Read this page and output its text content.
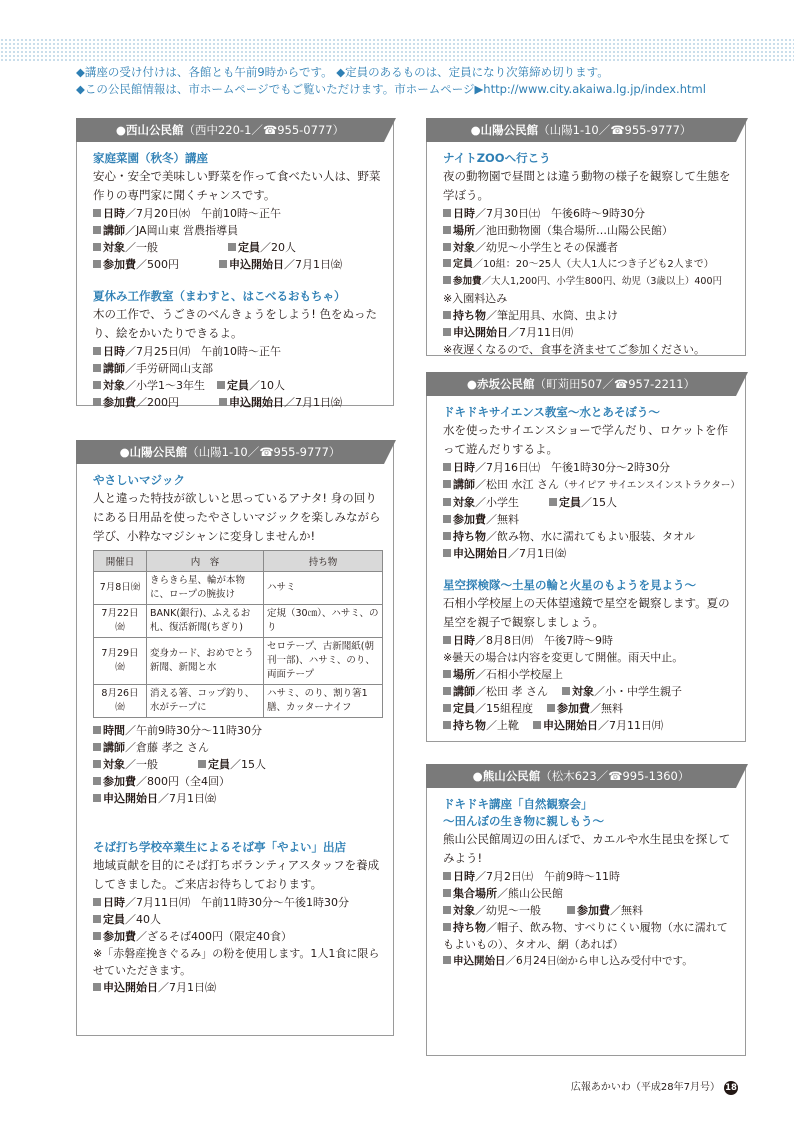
◆講座の受け付けは、各館とも午前9時からです。 ◆定員のあるものは、定員になり次第締め切ります。
◆この公民館情報は、市ホームページでもご覧いただけます。市ホームページ▶http://www.city.akaiwa.lg.jp/index.html
●西山公民館（西中220-1／☎955-0777）
家庭菜園（秋冬）講座
安心・安全で美味しい野菜を作って食べたい人は、野菜作りの専門家に聞くチャンスです。
日時／7月20日㈬　午前10時～正午
講師／JA岡山東 営農指導員
対象／一般	定員／20人
参加費／500円	申込開始日／7月1日㈮
夏休み工作教室（まわすと、はこべるおもちゃ）
木の工作で、うごきのべんきょうをしよう! 色をぬったり、絵をかいたりできるよ。
日時／7月25日㈪　午前10時～正午
講師／手労研岡山支部
対象／小学1～3年生 定員／10人
参加費／200円	申込開始日／7月1日㈮
●山陽公民館（山陽1-10／☎955-9777）
やさしいマジック
人と違った特技が欲しいと思っているアナタ! 身の回りにある日用品を使ったやさしいマジックを楽しみながら学び、小粋なマジシャンに変身しませんか!
開催日	内　容	持ち物
7月8日㈮	きらきら星、輪が本物に、ロープの腕抜け	ハサミ
7月22日㈮	BANK(銀行)、ふえるお札、復活新聞(ちぎり)	定規（30㎝）、ハサミ、のり
7月29日㈮	変身カード、おめでとう新聞、新聞と水	セロテープ、古新聞紙(朝刊一部)、ハサミ、のり、両面テープ
8月26日㈮	消える箸、コップ釣り、水がテープに	ハサミ、のり、割り箸1膳、カッターナイフ
時間／午前9時30分～11時30分
講師／倉藤 孝之 さん
対象／一般	定員／15人
参加費／800円（全4回）
申込開始日／7月1日㈮
そば打ち学校卒業生によるそば亭「やよい」出店
地域貢献を目的にそば打ちボランティアスタッフを養成してきました。ご来店お待ちしております。
日時／7月11日㈪　午前11時30分～午後1時30分
定員／40人
参加費／ざるそば400円（限定40食）
※「赤磐産挽きぐるみ」の粉を使用します。1人1食に限らせていただきます。
申込開始日／7月1日㈮
●山陽公民館（山陽1-10／☎955-9777）
ナイトZOOへ行こう
夜の動物園で昼間とは違う動物の様子を観察して生態を学ぼう。
日時／7月30日㈯　午後6時～9時30分
場所／池田動物園（集合場所…山陽公民館）
対象／幼児～小学生とその保護者
定員／10組：20～25人（大人1人につき子ども2人まで）
参加費／大人1,200円、小学生800円、幼児（3歳以上）400円
※入園料込み
持ち物／筆記用具、水筒、虫よけ
申込開始日／7月11日㈪
※夜遅くなるので、食事を済ませてご参加ください。
●赤坂公民館（町苅田507／☎957-2211）
ドキドキサイエンス教室～水とあそぼう～
水を使ったサイエンスショーで学んだり、ロケットを作って遊んだりするよ。
日時／7月16日㈯　午後1時30分～2時30分
講師／松田 水江 さん（サイピア サイエンスインストラクター）
対象／小学生	定員／15人
参加費／無料
持ち物／飲み物、水に濡れてもよい服装、タオル
申込開始日／7月1日㈮
星空探検隊～土星の輪と火星のもようを見よう～
石相小学校屋上の天体望遠鏡で星空を観察します。夏の星空を親子で観察しましょう。
日時／8月8日㈪　午後7時～9時
※曇天の場合は内容を変更して開催。雨天中止。
場所／石相小学校屋上
講師／松田 孝 さん 対象／小・中学生親子
定員／15組程度 参加費／無料
持ち物／上靴 申込開始日／7月11日㈪
●熊山公民館（松木623／☎995-1360）
ドキドキ講座「自然観察会」
～田んぼの生き物に親しもう～
熊山公民館周辺の田んぼで、カエルや水生昆虫を探してみよう!
日時／7月2日㈯　午前9時～11時
集合場所／熊山公民館
対象／幼児～一般	参加費／無料
持ち物／帽子、飲み物、すべりにくい履物（水に濡れてもよいもの）、タオル、網（あれば）
申込開始日／6月24日㈮から申し込み受付中です。
広報あかいわ（平成28年7月号） 18
